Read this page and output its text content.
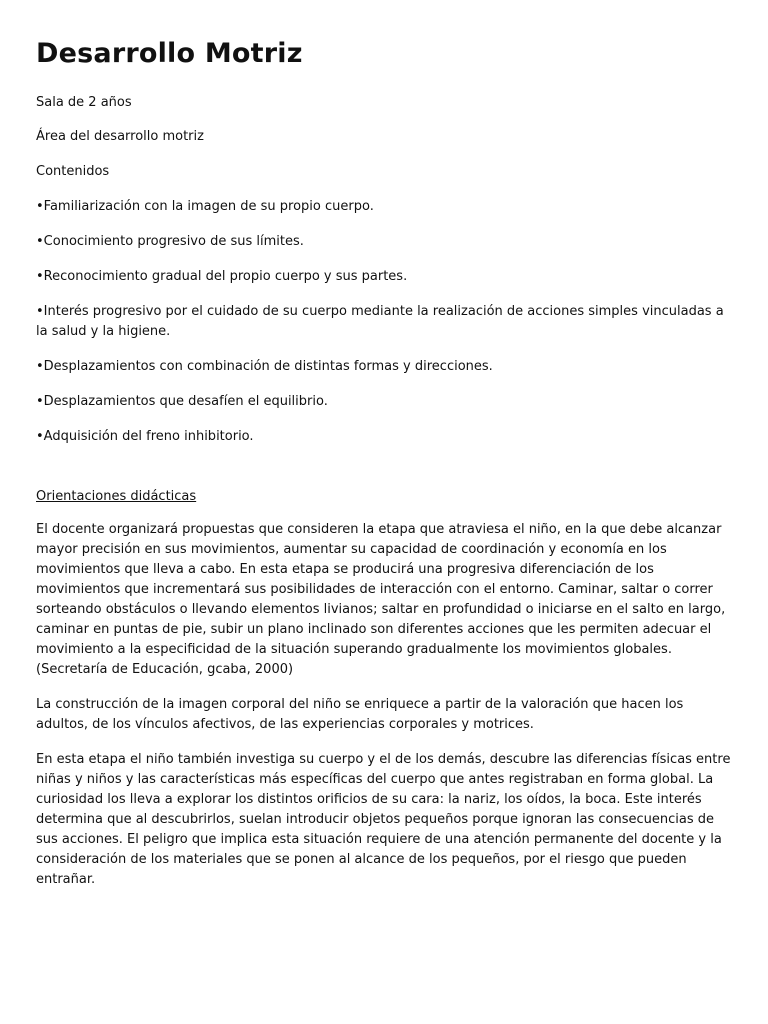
Desarrollo Motriz

Sala de 2 años

Área del desarrollo motriz

Contenidos

•Familiarización con la imagen de su propio cuerpo.
•Conocimiento progresivo de sus límites.
•Reconocimiento gradual del propio cuerpo y sus partes.
•Interés progresivo por el cuidado de su cuerpo mediante la realización de acciones simples vinculadas a la salud y la higiene.
•Desplazamientos con combinación de distintas formas y direcciones.
•Desplazamientos que desafíen el equilibrio.
•Adquisición del freno inhibitorio.

Orientaciones didácticas

El docente organizará propuestas que consideren la etapa que atraviesa el niño, en la que debe alcanzar mayor precisión en sus movimientos, aumentar su capacidad de coordinación y economía en los movimientos que lleva a cabo. En esta etapa se producirá una progresiva diferenciación de los movimientos que incrementará sus posibilidades de interacción con el entorno. Caminar, saltar o correr sorteando obstáculos o llevando elementos livianos; saltar en profundidad o iniciarse en el salto en largo, caminar en puntas de pie, subir un plano inclinado son diferentes acciones que les permiten adecuar el movimiento a la especificidad de la situación superando gradualmente los movimientos globales.(Secretaría de Educación, gcaba, 2000)

La construcción de la imagen corporal del niño se enriquece a partir de la valoración que hacen los adultos, de los vínculos afectivos, de las experiencias corporales y motrices.

En esta etapa el niño también investiga su cuerpo y el de los demás, descubre las diferencias físicas entre niñas y niños y las características más específicas del cuerpo que antes registraban en forma global. La curiosidad los lleva a explorar los distintos orificios de su cara: la nariz, los oídos, la boca. Este interés determina que al descubrirlos, suelan introducir objetos pequeños porque ignoran las consecuencias de sus acciones. El peligro que implica esta situación requiere de una atención permanente del docente y la consideración de los materiales que se ponen al alcance de los pequeños, por el riesgo que pueden entrañar.
